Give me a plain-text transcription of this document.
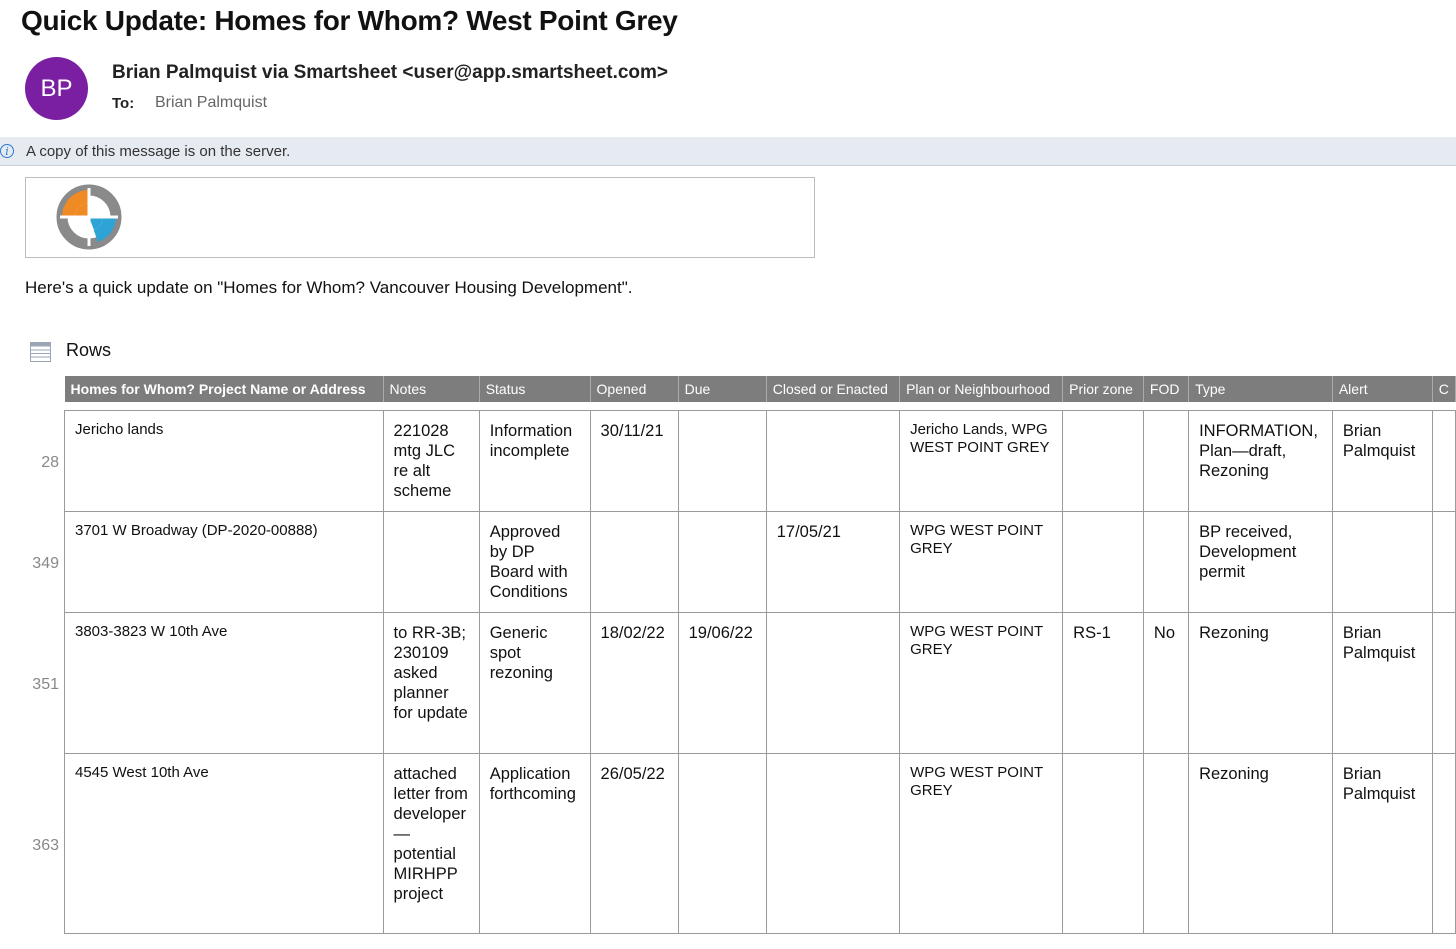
Quick Update: Homes for Whom? West Point Grey
BP
Brian Palmquist via Smartsheet <user@app.smartsheet.com>
To: Brian Palmquist
i	A copy of this message is on the server.
Here's a quick update on "Homes for Whom? Vancouver Housing Development".
Rows
28
349
351
363
Homes for Whom? Project Name or Address	Notes	Status	Opened	Due	Closed or Enacted	Plan or Neighbourhood	Prior zone	FOD	Type	Alert	C

Jericho lands	221028 mtg JLC re alt scheme	Information incomplete	30/11/21			Jericho Lands, WPG WEST POINT GREY			INFORMATION, Plan—draft, Rezoning	Brian Palmquist	
3701 W Broadway (DP-2020-00888)		Approved by DP Board with Conditions			17/05/21	WPG WEST POINT GREY			BP received, Development permit		
3803-3823 W 10th Ave	to RR-3B; 230109 asked planner for update	Generic spot rezoning	18/02/22	19/06/22		WPG WEST POINT GREY	RS-1	No	Rezoning	Brian Palmquist	
4545 West 10th Ave	attached letter from developer — potential MIRHPP project	Application forthcoming	26/05/22			WPG WEST POINT GREY			Rezoning	Brian Palmquist	
